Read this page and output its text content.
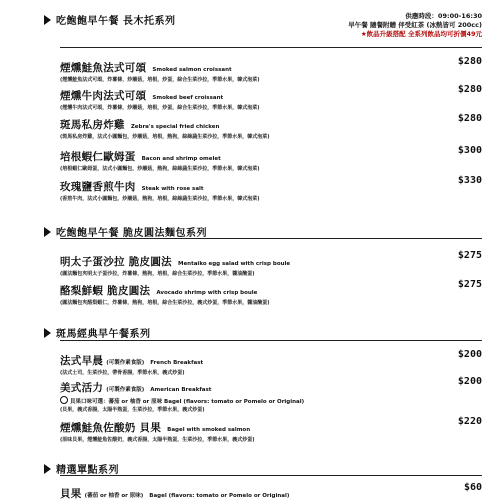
吃飽飽早午餐 長木托系列	供應時段：09:00-16:30
早午餐 隨餐附贈 伴受紅茶 (冰熱皆可 200cc)
★飲品升級搭配 全系列飲品均可折價49元
煙燻鮭魚法式可頌 Smoked salmon croissant
(煙燻鮭魚法式可頌，炸薯條，炒蘑菇，培根，炒蛋，綜合生菜沙拉，季節水果，韓式泡菜)
$280
煙燻牛肉法式可頌 Smoked beef croissant
(煙燻牛肉法式可頌，炸薯條，炒蘑菇，培根，炒蛋，綜合生菜沙拉，季節水果，韓式泡菜)
$280
斑馬私房炸雞 Zebra's special fried chicken
(斑馬私房炸雞，法式小圓麵包，炒蘑菇，培根，熱狗，綜綠蔬生菜沙拉，季節水果，韓式泡菜)
$280
培根蝦仁歐姆蛋 Bacon and shrimp omelet
(培根蝦仁歐姆蛋，法式小圓麵包，炒蘑菇，熱狗，綜綠蔬生菜沙拉，季節水果，韓式泡菜)
$300
玫瑰鹽香煎牛肉 Steak with rose salt
(香煎牛肉，法式小圓麵包，炒蘑菇，熱狗，培根，綜綠蔬生菜沙拉，季節水果，韓式泡菜)
$330
吃飽飽早午餐 脆皮圓法麵包系列
明太子蛋沙拉 脆皮圓法 Mentaiko egg salad with crisp boule
(圓法麵包夾明太子蛋沙拉，炸薯條，熱狗，培根，綜合生菜沙拉，季節水果，醬油醃蛋)
$275
酪梨鮮蝦 脆皮圓法 Avocado shrimp with crisp boule
(圓法麵包夾酪梨蝦仁，炸薯條，熱狗，培根，綜合生菜沙拉，義式炒蛋，季節水果，醬油醃蛋)
$275
斑馬經典早午餐系列
法式早晨 (可製作素食版) French Breakfast
(法式土司，生菜沙拉，帶骨香腸，季節水果，義式炒蛋)
$200
美式活力 (可製作素食版) American Breakfast
貝果口味可選：蕃茄 or 柚香 or 原味 Bagel (flavors: tomato or Pomelo or Original)
(貝果，義式香腸，太陽半熟蛋，生菜沙拉，季節水果，義式炒蛋)
$200
煙燻鮭魚佐酸奶 貝果 Bagel with smoked salmon
(原味貝果，煙燻鮭魚佐酸奶，義式香腸，太陽半熟蛋，生菜沙拉，季節水果，義式炒蛋)
$220
精選單點系列
貝果 (蕃茄 or 柚香 or 原味) Bagel (flavors: tomato or Pomelo or Original)
$60
